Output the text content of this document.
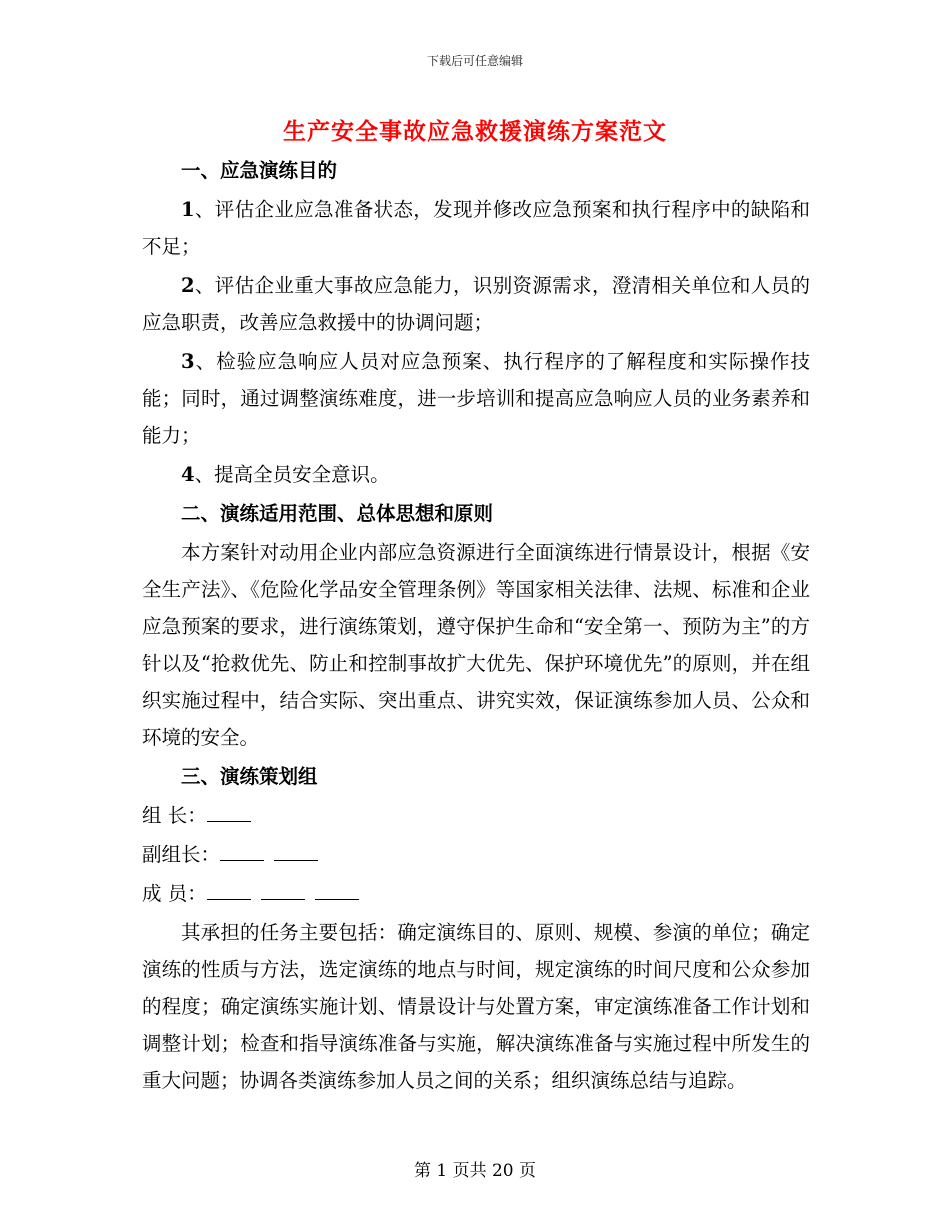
下载后可任意编辑
生产安全事故应急救援演练方案范文

一、应急演练目的

1、评估企业应急准备状态，发现并修改应急预案和执行程序中的缺陷和不足；

2、评估企业重大事故应急能力，识别资源需求，澄清相关单位和人员的应急职责，改善应急救援中的协调问题；

3、检验应急响应人员对应急预案、执行程序的了解程度和实际操作技能；同时，通过调整演练难度，进一步培训和提高应急响应人员的业务素养和能力；

4、提高全员安全意识。

二、演练适用范围、总体思想和原则

本方案针对动用企业内部应急资源进行全面演练进行情景设计，根据《安全生产法》、《危险化学品安全管理条例》等国家相关法律、法规、标准和企业应急预案的要求，进行演练策划，遵守保护生命和“安全第一、预防为主”的方针以及“抢救优先、防止和控制事故扩大优先、保护环境优先”的原则，并在组织实施过程中，结合实际、突出重点、讲究实效，保证演练参加人员、公众和环境的安全。

三、演练策划组

组 长：

副组长：

成 员：

其承担的任务主要包括：确定演练目的、原则、规模、参演的单位；确定演练的性质与方法，选定演练的地点与时间，规定演练的时间尺度和公众参加的程度；确定演练实施计划、情景设计与处置方案，审定演练准备工作计划和调整计划；检查和指导演练准备与实施，解决演练准备与实施过程中所发生的重大问题；协调各类演练参加人员之间的关系；组织演练总结与追踪。

第 1 页共 20 页
